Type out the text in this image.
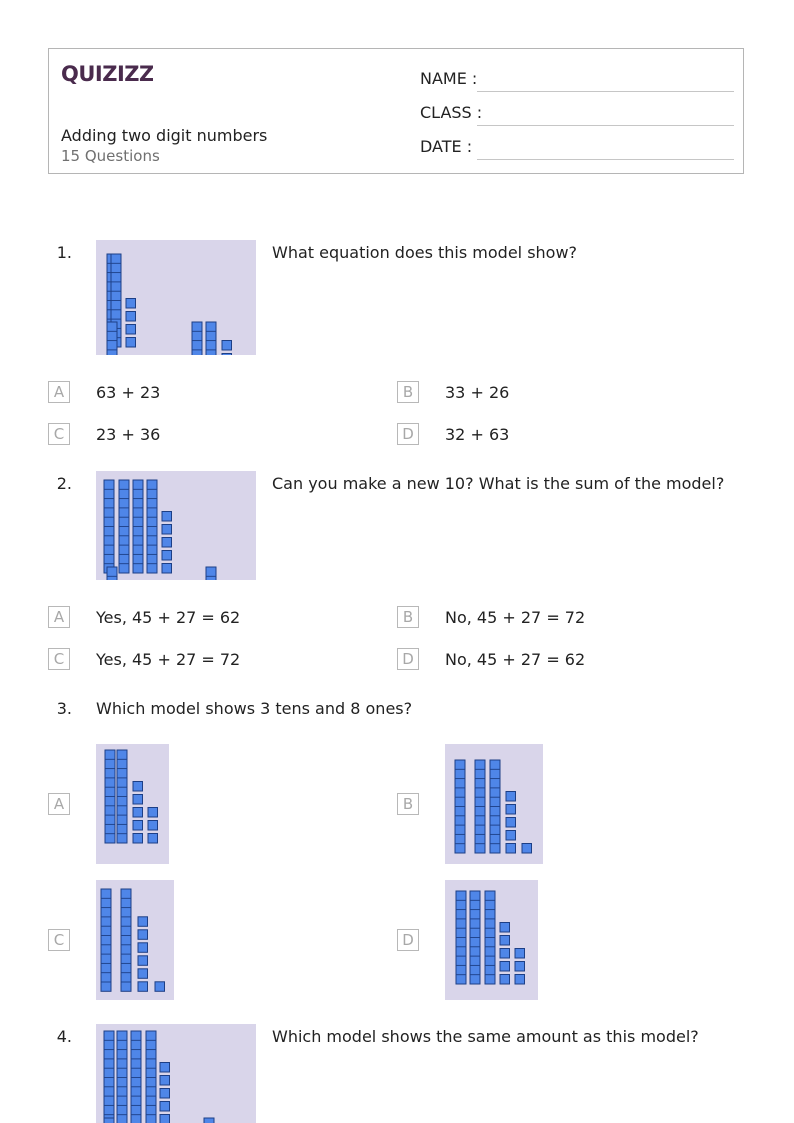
QUIZIZZ
Adding two digit numbers
15 Questions
NAME :
CLASS :
DATE :
1.	What equation does this model show?
A	63 + 23	B	33 + 26
C	23 + 36	D	32 + 63
2.	Can you make a new 10? What is the sum of the model?
A	Yes, 45 + 27 = 62	B	No, 45 + 27 = 72
C	Yes, 45 + 27 = 72	D	No, 45 + 27 = 62
3. Which model shows 3 tens and 8 ones?
A	B
C	D
4.	Which model shows the same amount as this model?
